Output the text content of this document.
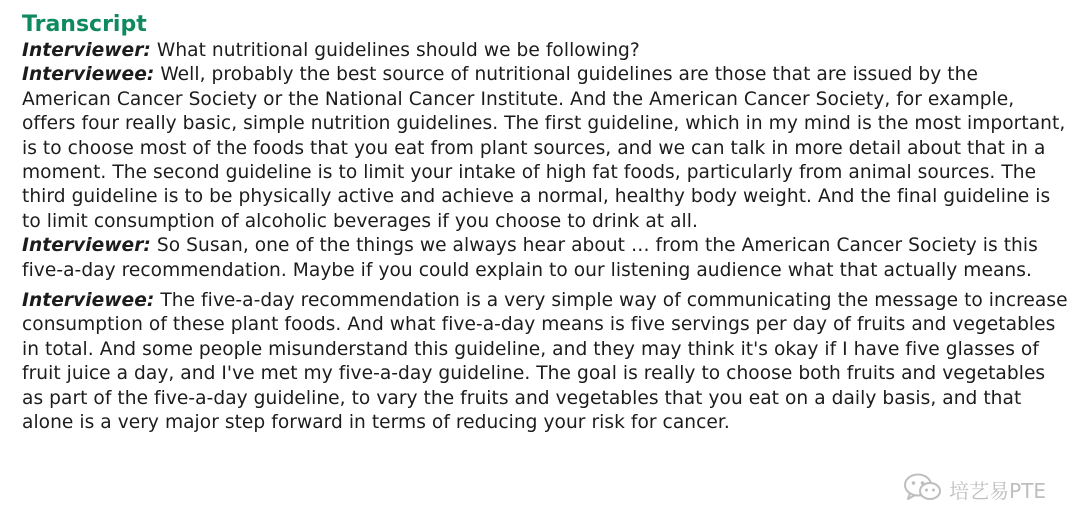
Transcript

Interviewer: What nutritional guidelines should we be following?

Interviewee: Well, probably the best source of nutritional guidelines are those that are issued by the American Cancer Society or the National Cancer Institute. And the American Cancer Society, for example, offers four really basic, simple nutrition guidelines. The first guideline, which in my mind is the most important, is to choose most of the foods that you eat from plant sources, and we can talk in more detail about that in a moment. The second guideline is to limit your intake of high fat foods, particularly from animal sources. The third guideline is to be physically active and achieve a normal, healthy body weight. And the final guideline is to limit consumption of alcoholic beverages if you choose to drink at all.

Interviewer: So Susan, one of the things we always hear about … from the American Cancer Society is this five-a-day recommendation. Maybe if you could explain to our listening audience what that actually means.

Interviewee: The five-a-day recommendation is a very simple way of communicating the message to increase consumption of these plant foods. And what five-a-day means is five servings per day of fruits and vegetables in total. And some people misunderstand this guideline, and they may think it's okay if I have five glasses of fruit juice a day, and I've met my five-a-day guideline. The goal is really to choose both fruits and vegetables as part of the five-a-day guideline, to vary the fruits and vegetables that you eat on a daily basis, and that alone is a very major step forward in terms of reducing your risk for cancer.

培艺易PTE
